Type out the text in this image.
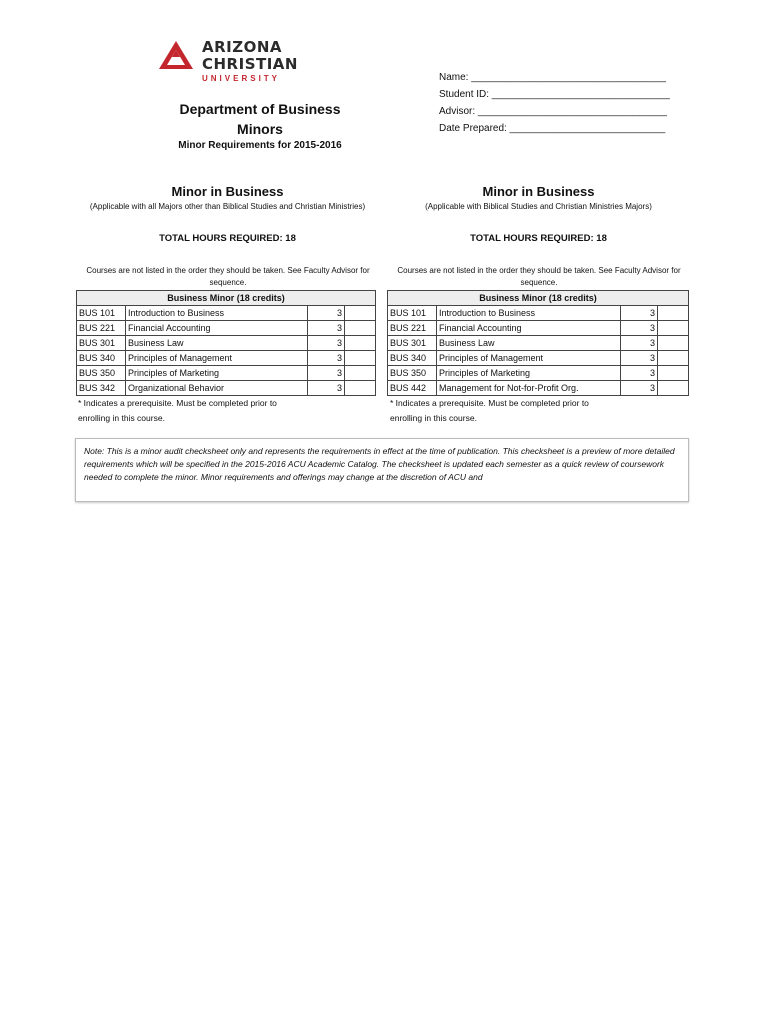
ARIZONA
CHRISTIAN
UNIVERSITY
Department of Business
Minors
Minor Requirements for 2015-2016
Name: ___________________________________
Student ID: ________________________________
Advisor: __________________________________
Date Prepared: ____________________________
Minor in Business
(Applicable with all Majors other than Biblical Studies and Christian Ministries)
TOTAL HOURS REQUIRED: 18
Courses are not listed in the order they should be taken. See Faculty Advisor for sequence.
Business Minor (18 credits)			
BUS 101	Introduction to Business	3	
BUS 221	Financial Accounting	3	
BUS 301	Business Law	3	
BUS 340	Principles of Management	3	
BUS 350	Principles of Marketing	3	
BUS 342	Organizational Behavior	3	
* Indicates a prerequisite. Must be completed prior to
enrolling in this course.
Minor in Business
(Applicable with Biblical Studies and Christian Ministries Majors)
TOTAL HOURS REQUIRED: 18
Courses are not listed in the order they should be taken. See Faculty Advisor for sequence.
Business Minor (18 credits)			
BUS 101	Introduction to Business	3	
BUS 221	Financial Accounting	3	
BUS 301	Business Law	3	
BUS 340	Principles of Management	3	
BUS 350	Principles of Marketing	3	
BUS 442	Management for Not-for-Profit Org.	3	
* Indicates a prerequisite. Must be completed prior to
enrolling in this course.
Note: This is a minor audit checksheet only and represents the requirements in effect at the time of publication. This checksheet is a preview of more detailed requirements which will be specified in the 2015-2016 ACU Academic Catalog. The checksheet is updated each semester as a quick review of coursework needed to complete the minor. Minor requirements and offerings may change at the discretion of ACU and
